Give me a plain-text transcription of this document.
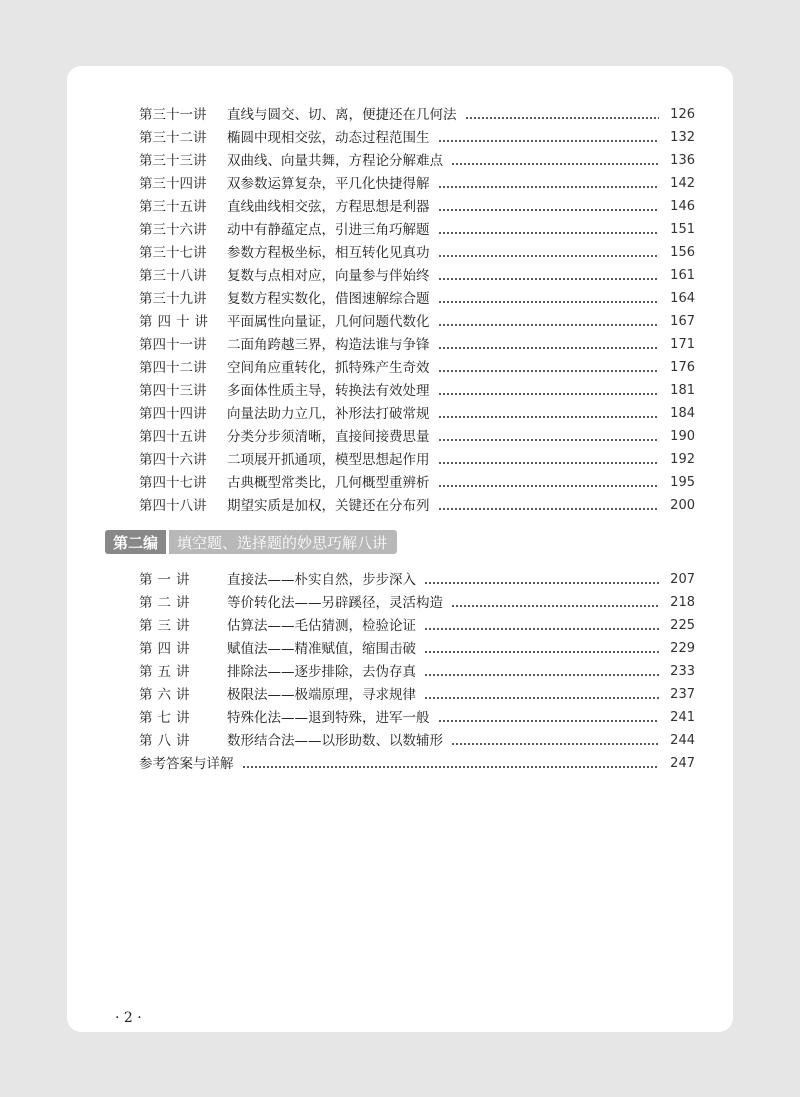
第三十一讲	直线与圆交、切、离，便捷还在几何法	126
第三十二讲	椭圆中现相交弦，动态过程范围生	132
第三十三讲	双曲线、向量共舞，方程论分解难点	136
第三十四讲	双参数运算复杂，平几化快捷得解	142
第三十五讲	直线曲线相交弦，方程思想是利器	146
第三十六讲	动中有静蕴定点，引进三角巧解题	151
第三十七讲	参数方程极坐标，相互转化见真功	156
第三十八讲	复数与点相对应，向量参与伴始终	161
第三十九讲	复数方程实数化，借图速解综合题	164
第四十讲	平面属性向量证，几何问题代数化	167
第四十一讲	二面角跨越三界，构造法谁与争锋	171
第四十二讲	空间角应重转化，抓特殊产生奇效	176
第四十三讲	多面体性质主导，转换法有效处理	181
第四十四讲	向量法助力立几，补形法打破常规	184
第四十五讲	分类分步须清晰，直接间接费思量	190
第四十六讲	二项展开抓通项，模型思想起作用	192
第四十七讲	古典概型常类比，几何概型重辨析	195
第四十八讲	期望实质是加权，关键还在分布列	200
第二编	填空题、选择题的妙思巧解八讲
第一讲	直接法——朴实自然，步步深入	207
第二讲	等价转化法——另辟蹊径，灵活构造	218
第三讲	估算法——毛估猜测，检验论证	225
第四讲	赋值法——精准赋值，缩围击破	229
第五讲	排除法——逐步排除，去伪存真	233
第六讲	极限法——极端原理，寻求规律	237
第七讲	特殊化法——退到特殊，进军一般	241
第八讲	数形结合法——以形助数、以数辅形	244
参考答案与详解	247
· 2 ·
